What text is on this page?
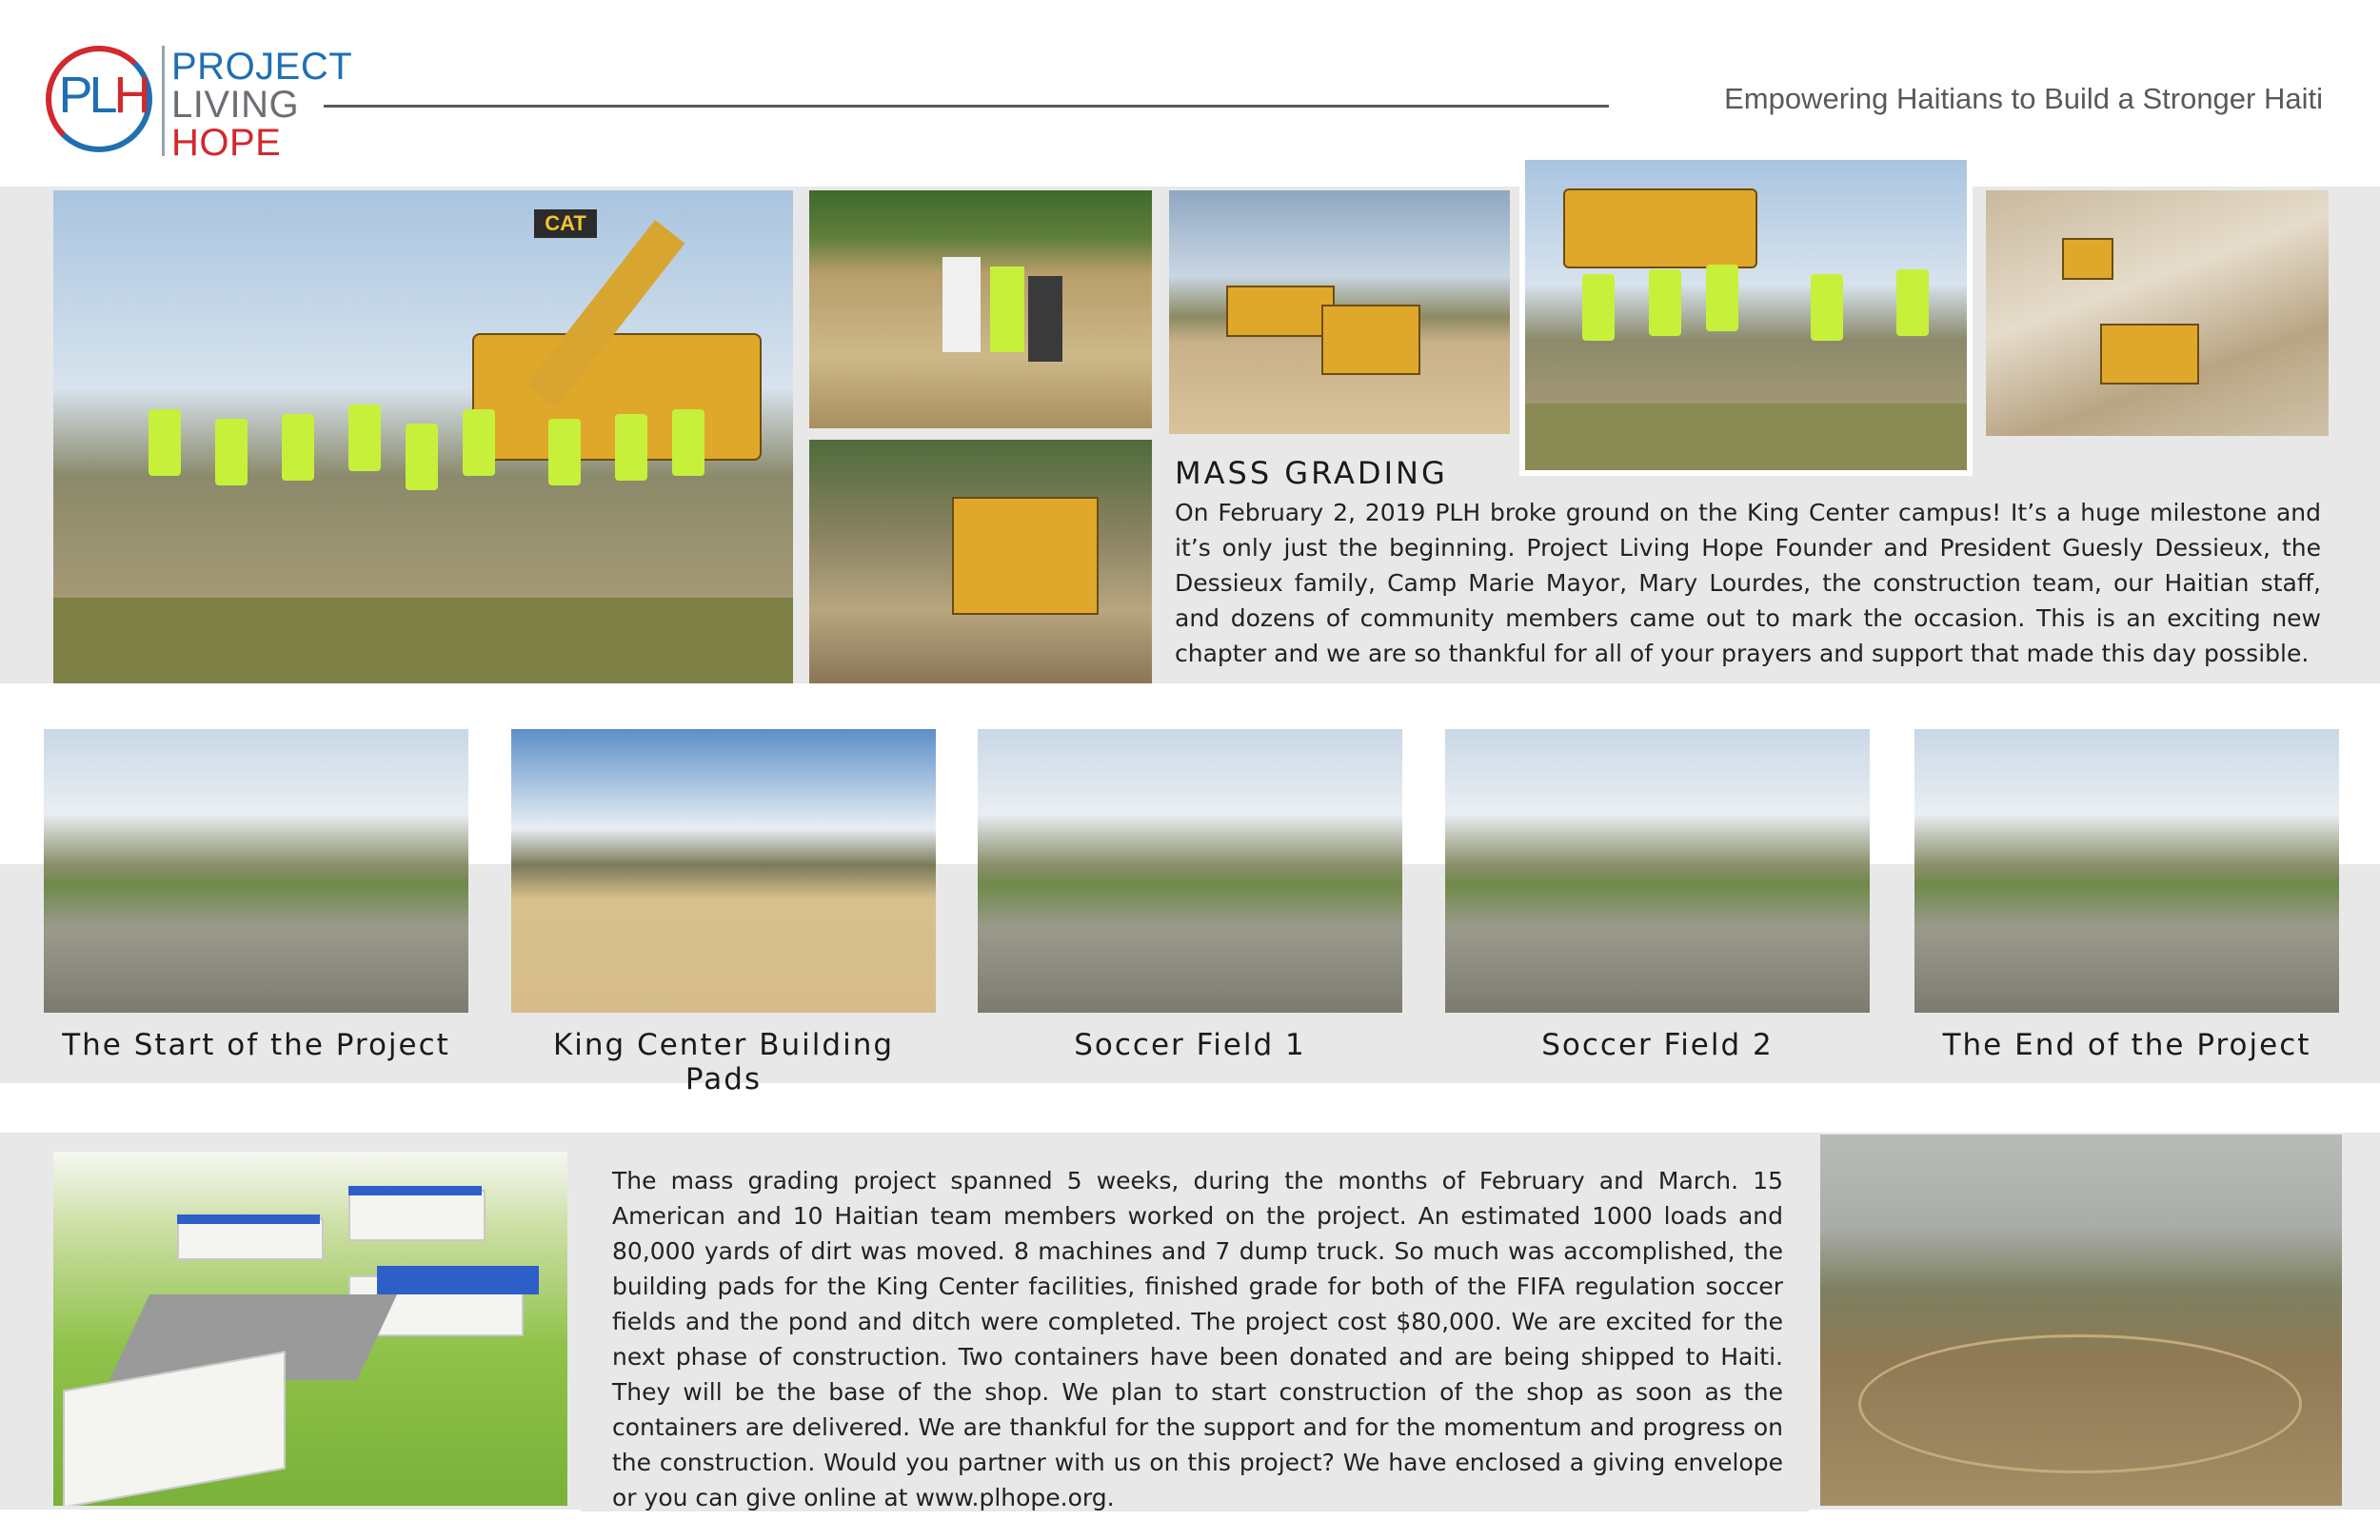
PLH PROJECT
LIVING
HOPE
Empowering Haitians to Build a Stronger Haiti
CAT
MASS GRADING
On February 2, 2019 PLH broke ground on the King Center campus! It’s a huge milestone and it’s only just the beginning. Project Living Hope Founder and President Guesly Dessieux, the Dessieux family, Camp Marie Mayor, Mary Lourdes, the construction team, our Haitian staff, and dozens of community members came out to mark the occasion. This is an exciting new chapter and we are so thankful for all of your prayers and support that made this day possible.
The Start of the Project	King Center Building Pads
Soccer Field 1	Soccer Field 2	The End of the Project
The mass grading project spanned 5 weeks, during the months of February and March. 15 American and 10 Haitian team members worked on the project. An estimated 1000 loads and 80,000 yards of dirt was moved. 8 machines and 7 dump truck. So much was accomplished, the building pads for the King Center facilities, finished grade for both of the FIFA regulation soccer fields and the pond and ditch were completed. The project cost $80,000. We are excited for the next phase of construction. Two containers have been donated and are being shipped to Haiti. They will be the base of the shop. We plan to start construction of the shop as soon as the containers are delivered. We are thankful for the support and for the momentum and progress on the construction. Would you partner with us on this project? We have enclosed a giving envelope or you can give online at www.plhope.org.
